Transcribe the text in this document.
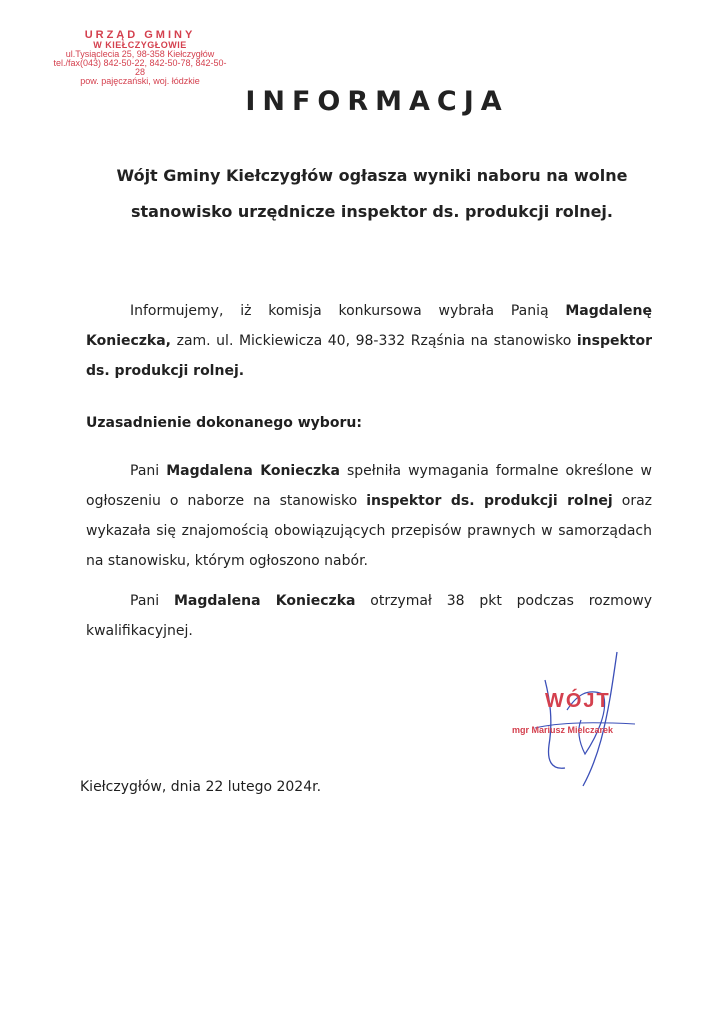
URZĄD GMINY
W KIEŁCZYGŁOWIE
ul.Tysiąclecia 25, 98-358 Kiełczygłów
tel./fax(043) 842-50-22, 842-50-78, 842-50-28
pow. pajęczański, woj. łódzkie
INFORMACJA
Wójt Gminy Kiełczygłów ogłasza wyniki naboru na wolne stanowisko urzędnicze inspektor ds. produkcji rolnej.
Informujemy, iż komisja konkursowa wybrała Panią Magdalenę Konieczka, zam. ul. Mickiewicza 40, 98-332 Rząśnia na stanowisko inspektor ds. produkcji rolnej.
Uzasadnienie dokonanego wyboru:
Pani Magdalena Konieczka spełniła wymagania formalne określone w ogłoszeniu o naborze na stanowisko inspektor ds. produkcji rolnej oraz wykazała się znajomością obowiązujących przepisów prawnych w samorządach na stanowisku, którym ogłoszono nabór.
Pani Magdalena Konieczka otrzymał 38 pkt podczas rozmowy kwalifikacyjnej.
WÓJT
mgr Mariusz Mielczarek
Kiełczygłów, dnia 22 lutego 2024r.
